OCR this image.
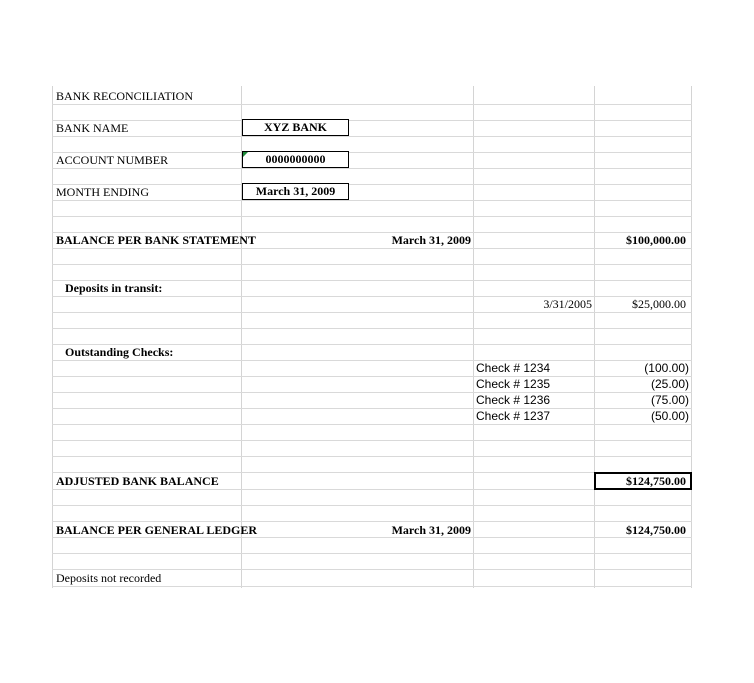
BANK RECONCILIATION
BANK NAME	XYZ BANK
ACCOUNT NUMBER	0000000000
MONTH ENDING	March 31, 2009
BALANCE PER BANK STATEMENT	March 31, 2009	$100,000.00
Deposits in transit:
3/31/2005	$25,000.00
Outstanding Checks:
Check # 1234	(100.00)
Check # 1235	(25.00)
Check # 1236	(75.00)
Check # 1237	(50.00)
ADJUSTED BANK BALANCE	$124,750.00
BALANCE PER GENERAL LEDGER	March 31, 2009	$124,750.00
Deposits not recorded
